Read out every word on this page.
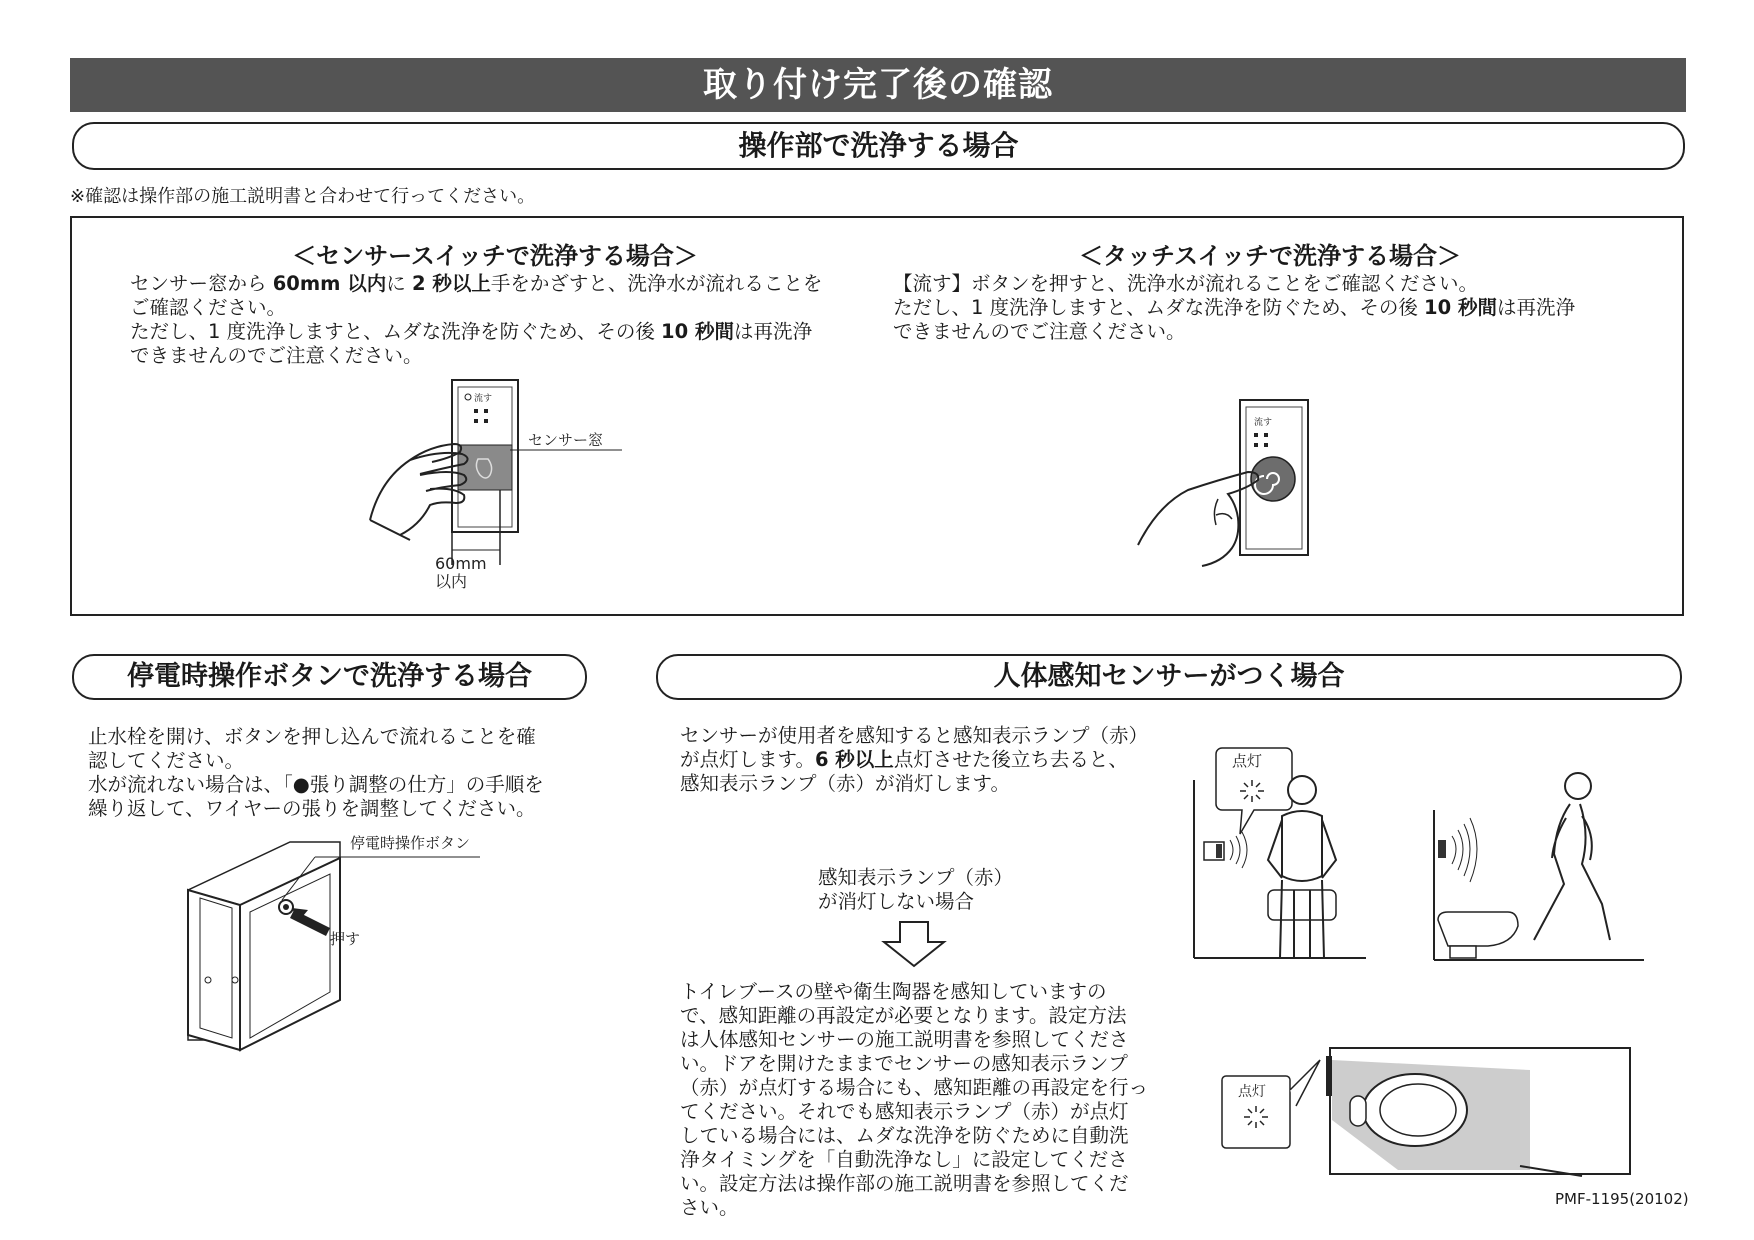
取り付け完了後の確認
操作部で洗浄する場合
※確認は操作部の施工説明書と合わせて行ってください。
＜センサースイッチで洗浄する場合＞
センサー窓から 60mm 以内に 2 秒以上手をかざすと、洗浄水が流れることを
ご確認ください。
ただし、1 度洗浄しますと、ムダな洗浄を防ぐため、その後 10 秒間は再洗浄
できませんのでご注意ください。
流す
センサー窓
60mm
以内
＜タッチスイッチで洗浄する場合＞
【流す】ボタンを押すと、洗浄水が流れることをご確認ください。
ただし、1 度洗浄しますと、ムダな洗浄を防ぐため、その後 10 秒間は再洗浄
できませんのでご注意ください。
流す
停電時操作ボタンで洗浄する場合
止水栓を開け、ボタンを押し込んで流れることを確
認してください。
水が流れない場合は、「●張り調整の仕方」の手順を
繰り返して、ワイヤーの張りを調整してください。
停電時操作ボタン
押す
人体感知センサーがつく場合
センサーが使用者を感知すると感知表示ランプ（赤）
が点灯します。6 秒以上点灯させた後立ち去ると、
感知表示ランプ（赤）が消灯します。
感知表示ランプ（赤）
が消灯しない場合
トイレブースの壁や衛生陶器を感知していますの
で、感知距離の再設定が必要となります。設定方法
は人体感知センサーの施工説明書を参照してくださ
い。ドアを開けたままでセンサーの感知表示ランプ
（赤）が点灯する場合にも、感知距離の再設定を行っ
てください。それでも感知表示ランプ（赤）が点灯
している場合には、ムダな洗浄を防ぐために自動洗
浄タイミングを「自動洗浄なし」に設定してくださ
い。設定方法は操作部の施工説明書を参照してくだ
さい。
点灯
点灯
PMF-1195(20102)
